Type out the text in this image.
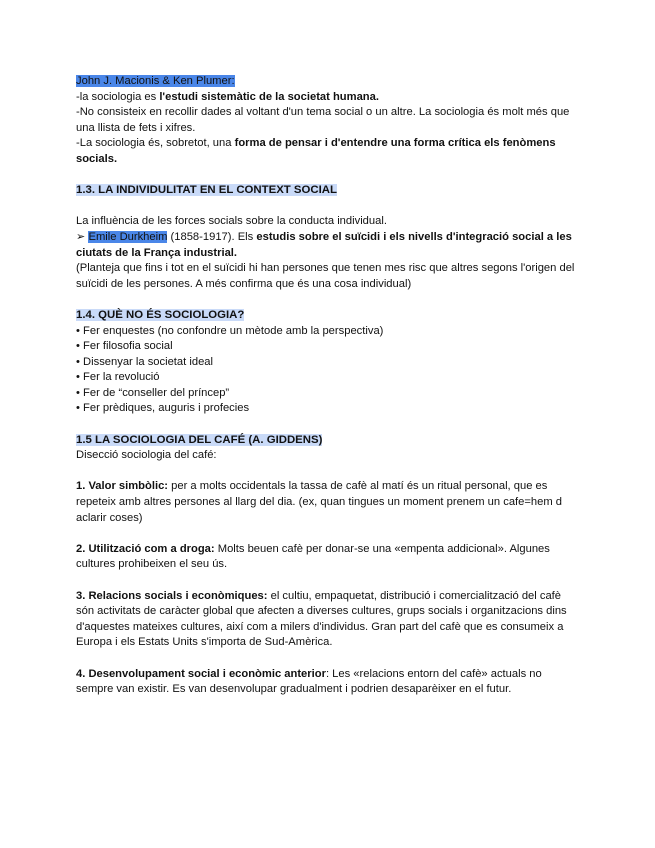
John J. Macionis & Ken Plumer:

-la sociologia es l'estudi sistemàtic de la societat humana.

-No consisteix en recollir dades al voltant d'un tema social o un altre. La sociologia és molt més que una llista de fets i xifres.

-La sociologia és, sobretot, una forma de pensar i d'entendre una forma crítica els fenòmens socials.

1.3. LA INDIVIDULITAT EN EL CONTEXT SOCIAL

La influència de les forces socials sobre la conducta individual.

➢ Emile Durkheim (1858-1917). Els estudis sobre el suïcidi i els nivells d'integració social a les ciutats de la França industrial.

(Planteja que fins i tot en el suïcidi hi han persones que tenen mes risc que altres segons l'origen del suïcidi de les persones. A més confirma que és una cosa individual)

1.4. QUÈ NO ÉS SOCIOLOGIA?

• Fer enquestes (no confondre un mètode amb la perspectiva)

• Fer filosofia social

• Dissenyar la societat ideal

• Fer la revolució

• Fer de “conseller del príncep”

• Fer prèdiques, auguris i profecies

1.5 LA SOCIOLOGIA DEL CAFÉ (A. GIDDENS)

Disecció sociologia del café:

1. Valor simbòlic: per a molts occidentals la tassa de cafè al matí és un ritual personal, que es repeteix amb altres persones al llarg del dia. (ex, quan tingues un moment prenem un cafe=hem d aclarir coses)

2. Utilització com a droga: Molts beuen cafè per donar-se una «empenta addicional». Algunes cultures prohibeixen el seu ús.

3. Relacions socials i econòmiques: el cultiu, empaquetat, distribució i comercialització del cafè són activitats de caràcter global que afecten a diverses cultures, grups socials i organitzacions dins d'aquestes mateixes cultures, així com a milers d'individus. Gran part del cafè que es consumeix a Europa i els Estats Units s'importa de Sud-Amèrica.

4. Desenvolupament social i econòmic anterior: Les «relacions entorn del cafè» actuals no sempre van existir. Es van desenvolupar gradualment i podrien desaparèixer en el futur.
